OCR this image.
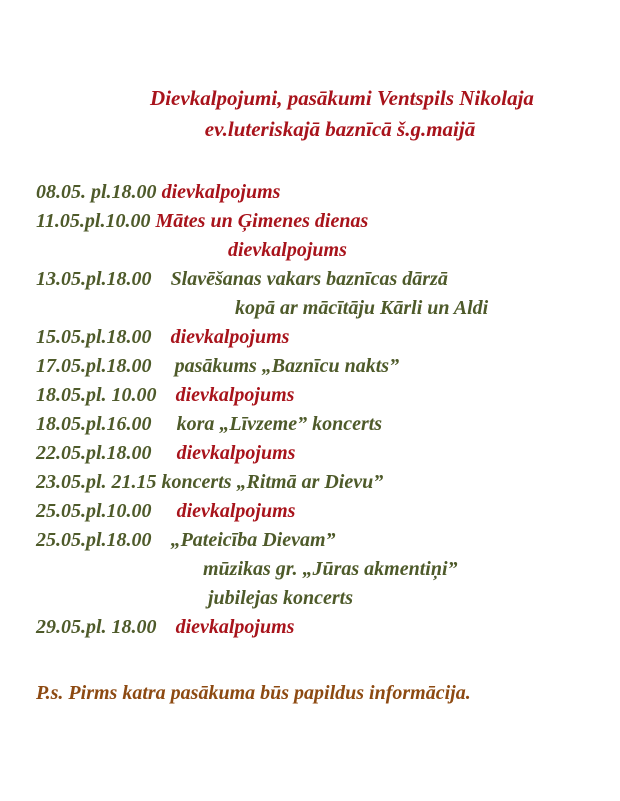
Dievkalpojumi, pasākumi Ventspils Nikolaja
ev.luteriskajā baznīcā š.g.maijā
08.05. pl.18.00 dievkalpojums
11.05.pl.10.00 Mātes un Ģimenes dienas
dievkalpojums
13.05.pl.18.00 Slavēšanas vakars baznīcas dārzā
kopā ar mācītāju Kārli un Aldi
15.05.pl.18.00 dievkalpojums
17.05.pl.18.00 pasākums „Baznīcu nakts”
18.05.pl. 10.00 dievkalpojums
18.05.pl.16.00 kora „Līvzeme” koncerts
22.05.pl.18.00 dievkalpojums
23.05.pl. 21.15 koncerts „Ritmā ar Dievu”
25.05.pl.10.00 dievkalpojums
25.05.pl.18.00 „Pateicība Dievam”
mūzikas gr. „Jūras akmentiņi”
jubilejas koncerts
29.05.pl. 18.00 dievkalpojums
P.s. Pirms katra pasākuma būs papildus informācija.
